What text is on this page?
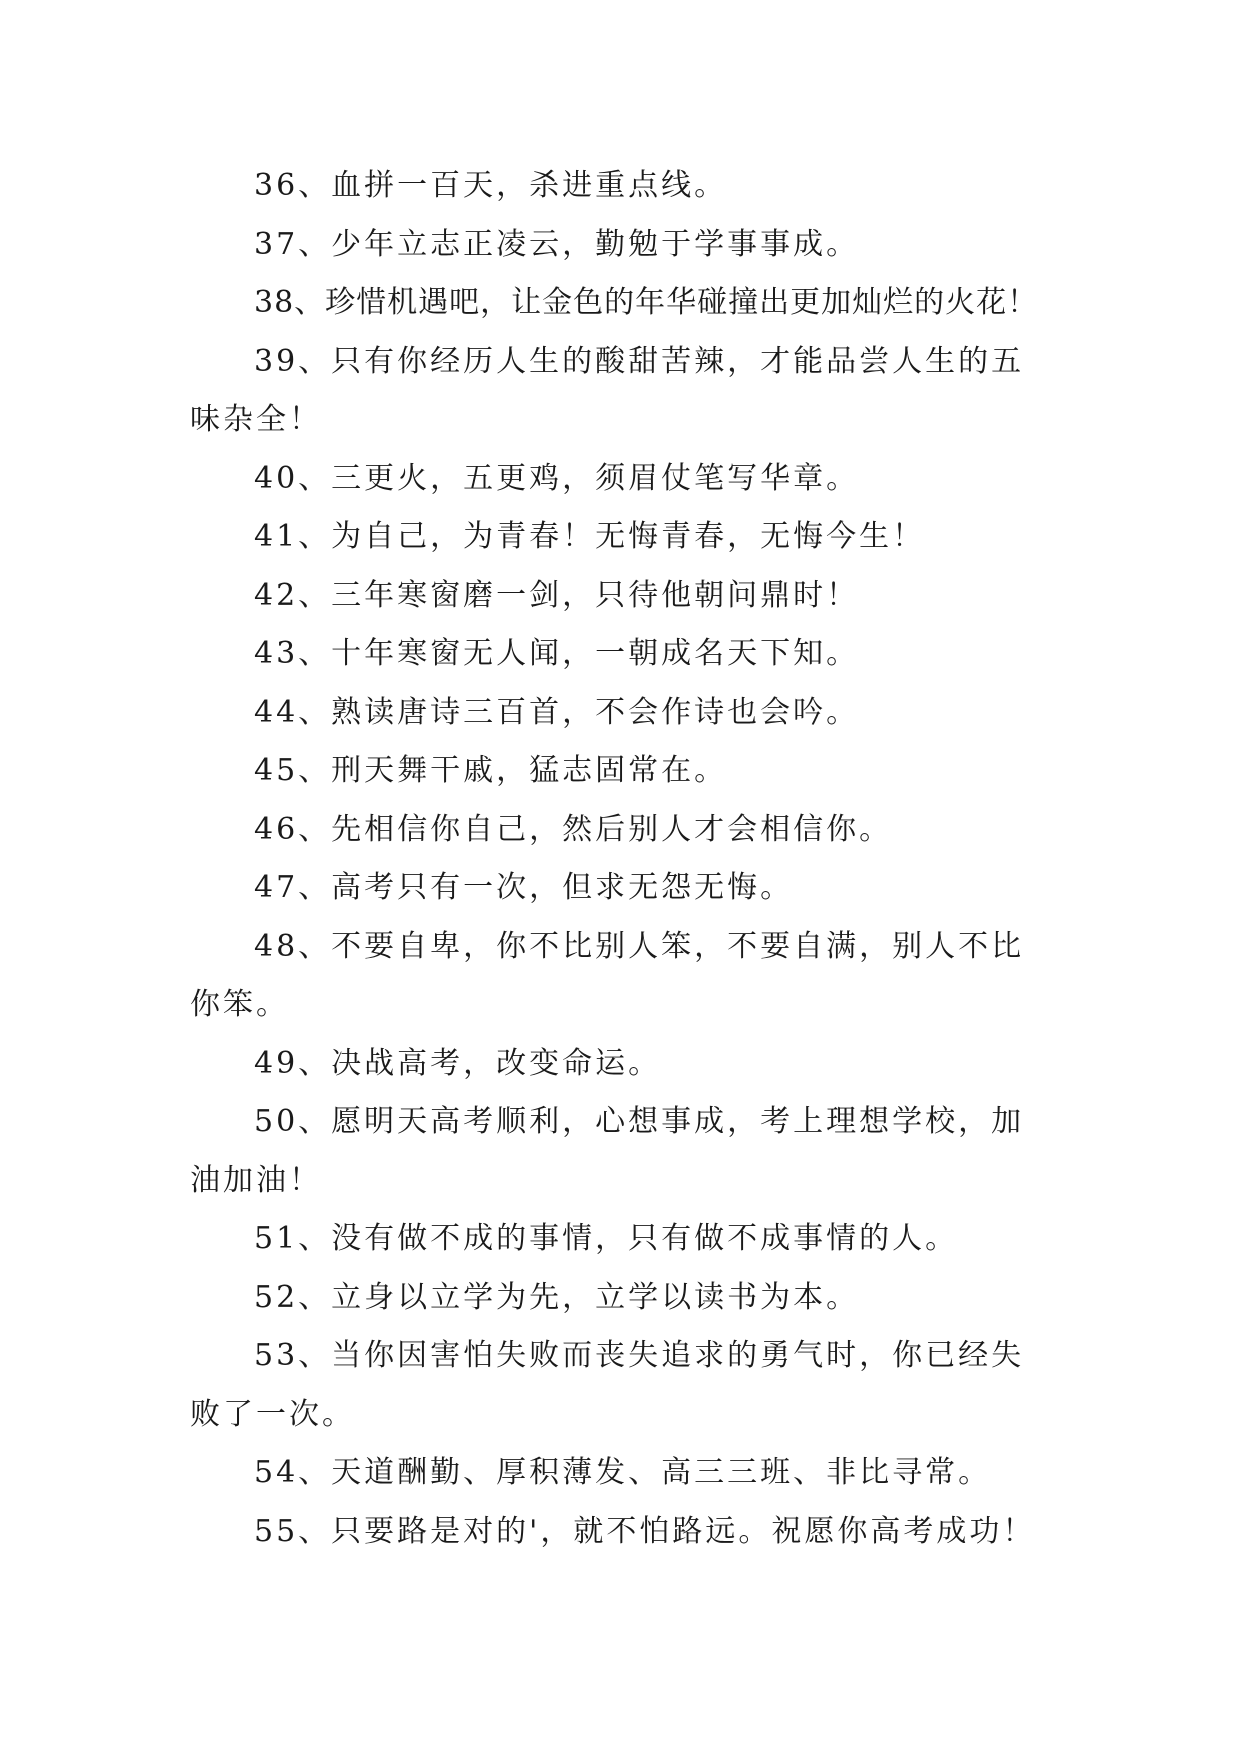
36、血拼一百天，杀进重点线。

37、少年立志正凌云，勤勉于学事事成。

38、珍惜机遇吧，让金色的年华碰撞出更加灿烂的火花！

39、只有你经历人生的酸甜苦辣，才能品尝人生的五味杂全！

40、三更火，五更鸡，须眉仗笔写华章。

41、为自己，为青春！无悔青春，无悔今生！

42、三年寒窗磨一剑，只待他朝问鼎时！

43、十年寒窗无人闻，一朝成名天下知。

44、熟读唐诗三百首，不会作诗也会吟。

45、刑天舞干戚，猛志固常在。

46、先相信你自己，然后别人才会相信你。

47、高考只有一次，但求无怨无悔。

48、不要自卑，你不比别人笨，不要自满，别人不比你笨。

49、决战高考，改变命运。

50、愿明天高考顺利，心想事成，考上理想学校，加油加油！

51、没有做不成的事情，只有做不成事情的人。

52、立身以立学为先，立学以读书为本。

53、当你因害怕失败而丧失追求的勇气时，你已经失败了一次。

54、天道酬勤、厚积薄发、高三三班、非比寻常。

55、只要路是对的'，就不怕路远。祝愿你高考成功！
